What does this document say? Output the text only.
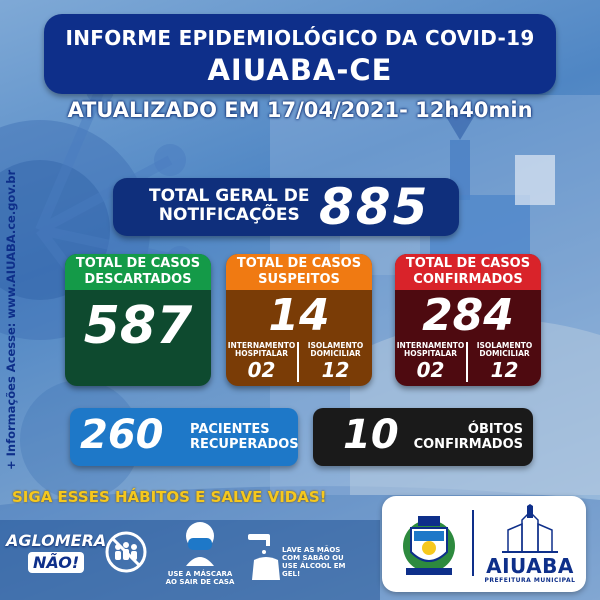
INFORME EPIDEMIOLÓGICO DA COVID-19
AIUABA-CE
ATUALIZADO EM 17/04/2021- 12h40min
+ Informações Acesse: www.AIUABA.ce.gov.br	TOTAL GERAL DE
NOTIFICAÇÕES 885
TOTAL DE CASOS
DESCARTADOS
587
TOTAL DE CASOS
SUSPEITOS
14
INTERNAMENTO
HOSPITALAR
02
ISOLAMENTO
DOMICILIAR
12
TOTAL DE CASOS
CONFIRMADOS
284
INTERNAMENTO
HOSPITALAR
02
ISOLAMENTO
DOMICILIAR
12
260 PACIENTES
RECUPERADOS 10	ÓBITOS
CONFIRMADOS
SIGA ESSES HÁBITOS E SALVE VIDAS!
AGLOMERA
NÃO!
USE A MÁSCARA
AO SAIR DE CASA
LAVE AS MÃOS
COM SABÃO OU
USE ÁLCOOL EM GEL!	AIUABA
PREFEITURA MUNICIPAL
